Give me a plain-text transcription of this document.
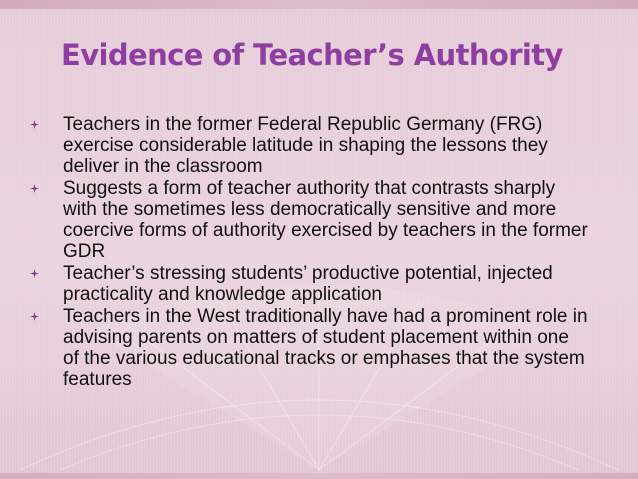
Evidence of Teacher’s Authority
Teachers in the former Federal Republic Germany (FRG) exercise considerable latitude in shaping the lessons they deliver in the classroom
Suggests a form of teacher authority that contrasts sharply with the sometimes less democratically sensitive and more coercive forms of authority exercised by teachers in the former GDR
Teacher’s stressing students’ productive potential, injected practicality and knowledge application
Teachers in the West traditionally have had a prominent role in advising parents on matters of student placement within one of the various educational tracks or emphases that the system features
